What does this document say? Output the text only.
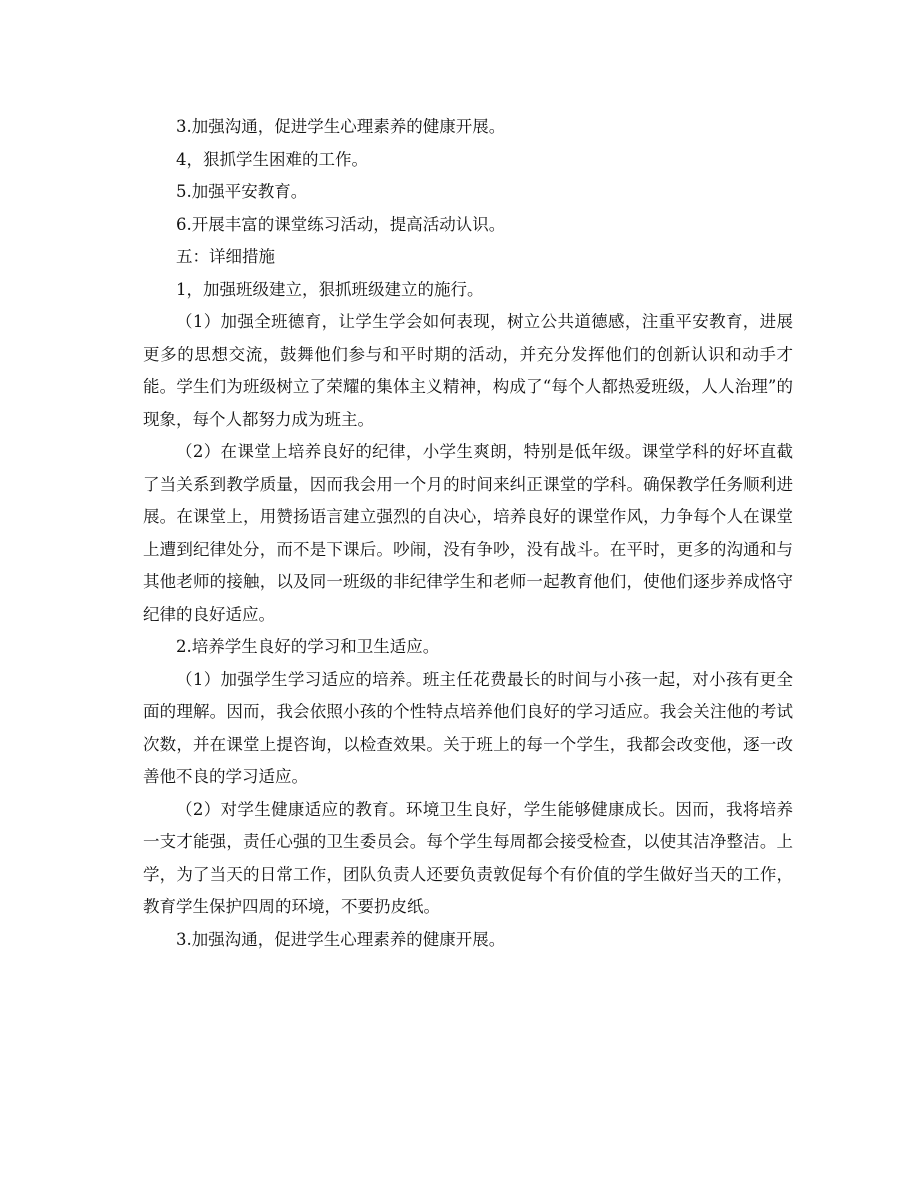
3.加强沟通，促进学生心理素养的健康开展。

4，狠抓学生困难的工作。

5.加强平安教育。

6.开展丰富的课堂练习活动，提高活动认识。

五：详细措施

1，加强班级建立，狠抓班级建立的施行。

（1）加强全班德育，让学生学会如何表现，树立公共道德感，注重平安教育，进展更多的思想交流，鼓舞他们参与和平时期的活动，并充分发挥他们的创新认识和动手才能。学生们为班级树立了荣耀的集体主义精神，构成了“每个人都热爱班级，人人治理”的现象，每个人都努力成为班主。

（2）在课堂上培养良好的纪律，小学生爽朗，特别是低年级。课堂学科的好坏直截了当关系到教学质量，因而我会用一个月的时间来纠正课堂的学科。确保教学任务顺利进展。在课堂上，用赞扬语言建立强烈的自决心，培养良好的课堂作风，力争每个人在课堂上遭到纪律处分，而不是下课后。吵闹，没有争吵，没有战斗。在平时，更多的沟通和与其他老师的接触，以及同一班级的非纪律学生和老师一起教育他们，使他们逐步养成恪守纪律的良好适应。

2.培养学生良好的学习和卫生适应。

（1）加强学生学习适应的培养。班主任花费最长的时间与小孩一起，对小孩有更全面的理解。因而，我会依照小孩的个性特点培养他们良好的学习适应。我会关注他的考试次数，并在课堂上提咨询，以检查效果。关于班上的每一个学生，我都会改变他，逐一改善他不良的学习适应。

（2）对学生健康适应的教育。环境卫生良好，学生能够健康成长。因而，我将培养一支才能强，责任心强的卫生委员会。每个学生每周都会接受检查，以使其洁净整洁。上学，为了当天的日常工作，团队负责人还要负责敦促每个有价值的学生做好当天的工作，教育学生保护四周的环境，不要扔皮纸。

3.加强沟通，促进学生心理素养的健康开展。
